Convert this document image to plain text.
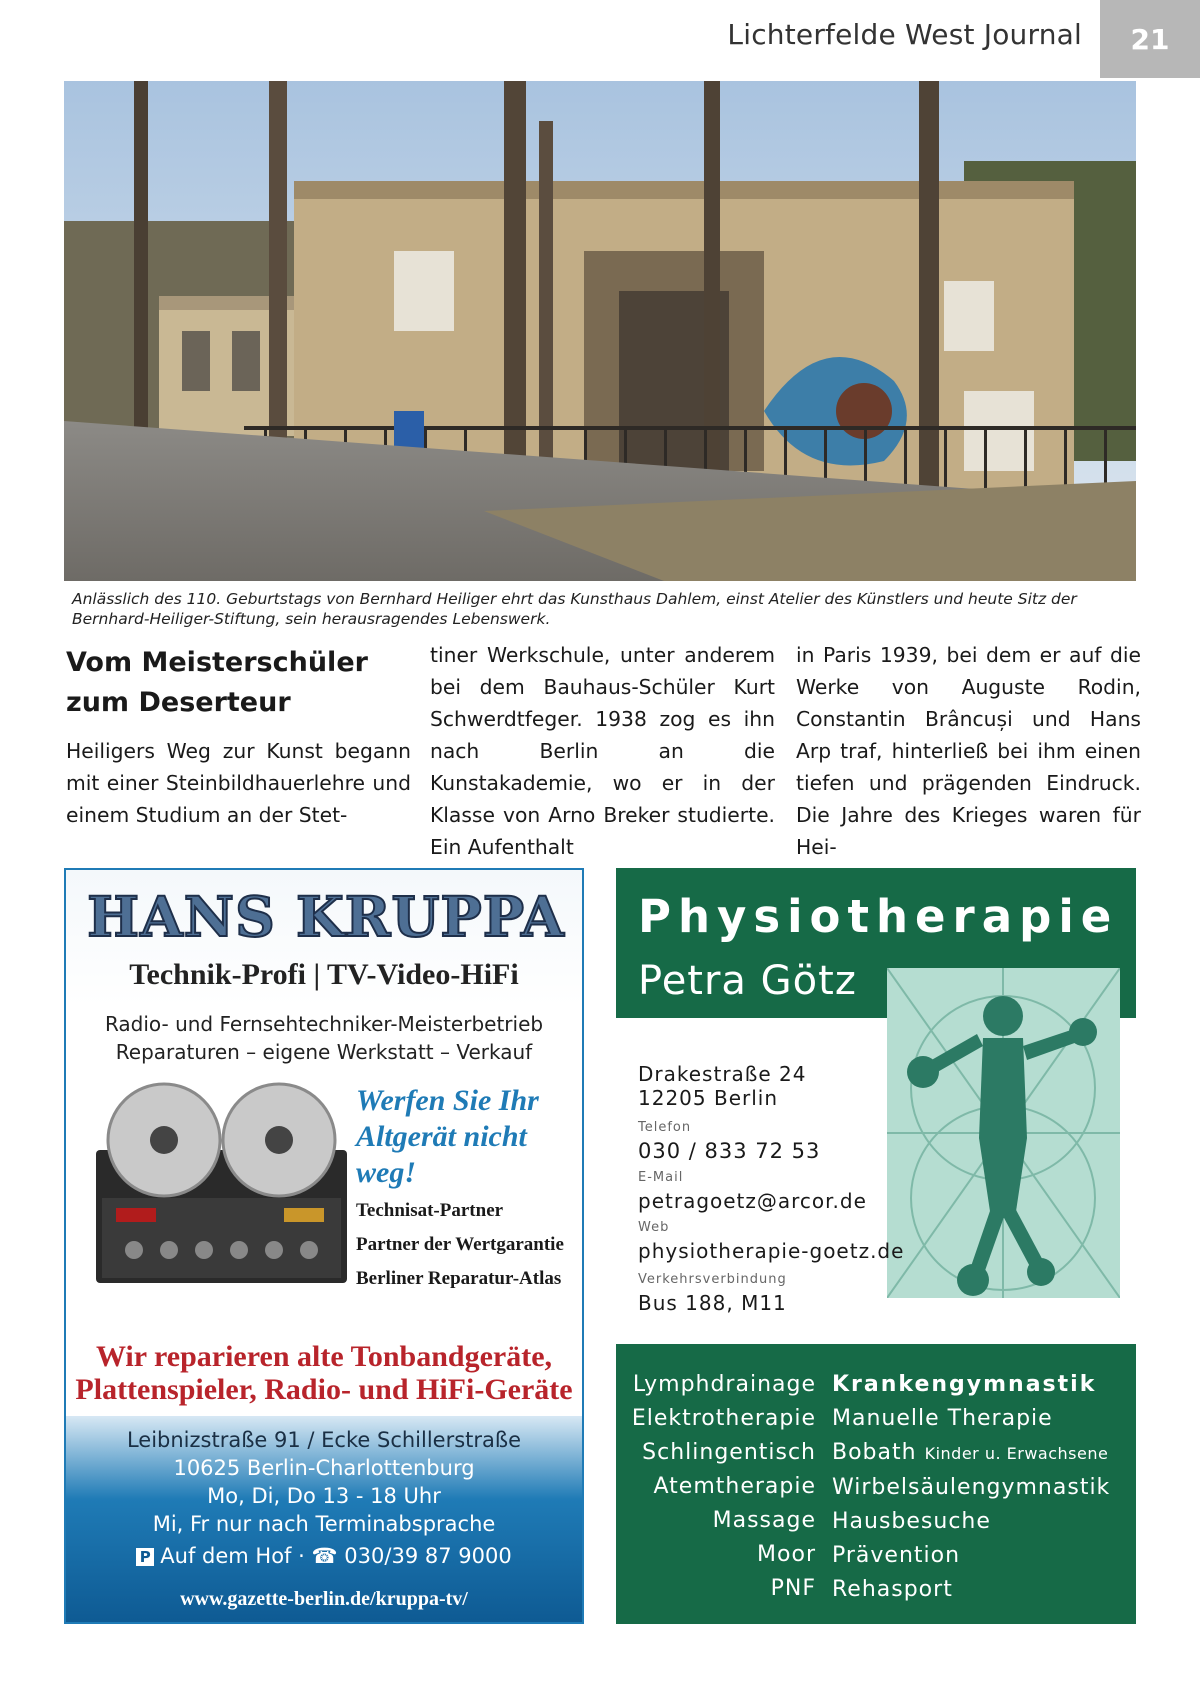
Lichterfelde West Journal	21
Anlässlich des 110. Geburtstags von Bernhard Heiliger ehrt das Kunsthaus Dahlem, einst Atelier des Künstlers und heute Sitz der Bernhard-Heiliger-Stiftung, sein herausragendes Lebenswerk.
Vom Meisterschüler
zum Deserteur
Heiligers Weg zur Kunst begann mit einer Steinbildhauerlehre und einem Studium an der Stet-
tiner Werkschule, unter anderem bei dem Bauhaus-Schüler Kurt Schwerdtfeger. 1938 zog es ihn nach Berlin an die Kunstakademie, wo er in der Klasse von Arno Breker studierte. Ein Aufenthalt
in Paris 1939, bei dem er auf die Werke von Auguste Rodin, Constantin Brâncuși und Hans Arp traf, hinterließ bei ihm einen tiefen und prägenden Eindruck. Die Jahre des Krieges waren für Hei-
HANS KRUPPA
Technik-Profi | TV-Video-HiFi
Radio- und Fernsehtechniker-Meisterbetrieb
Reparaturen – eigene Werkstatt – Verkauf
Werfen Sie Ihr
Altgerät nicht
weg!
Technisat-Partner
Partner der Wertgarantie
Berliner Reparatur-Atlas
Wir reparieren alte Tonbandgeräte,
Plattenspieler, Radio- und HiFi-Geräte
Leibnizstraße 91 / Ecke Schillerstraße
10625 Berlin-Charlottenburg
Mo, Di, Do 13 - 18 Uhr
Mi, Fr nur nach Terminabsprache
P Auf dem Hof · ☎ 030/39 87 9000
www.gazette-berlin.de/kruppa-tv/
Physiotherapie
Petra Götz
Drakestraße 24
12205 Berlin
Telefon
030 / 833 72 53
E-Mail
petragoetz@arcor.de
Web
physiotherapie-goetz.de
Verkehrsverbindung
Bus 188, M11
Lymphdrainage
Elektrotherapie
Schlingentisch
Atemtherapie
Massage
Moor
PNF
Krankengymnastik
Manuelle Therapie
Bobath Kinder u. Erwachsene
Wirbelsäulengymnastik
Hausbesuche
Prävention
Rehasport
